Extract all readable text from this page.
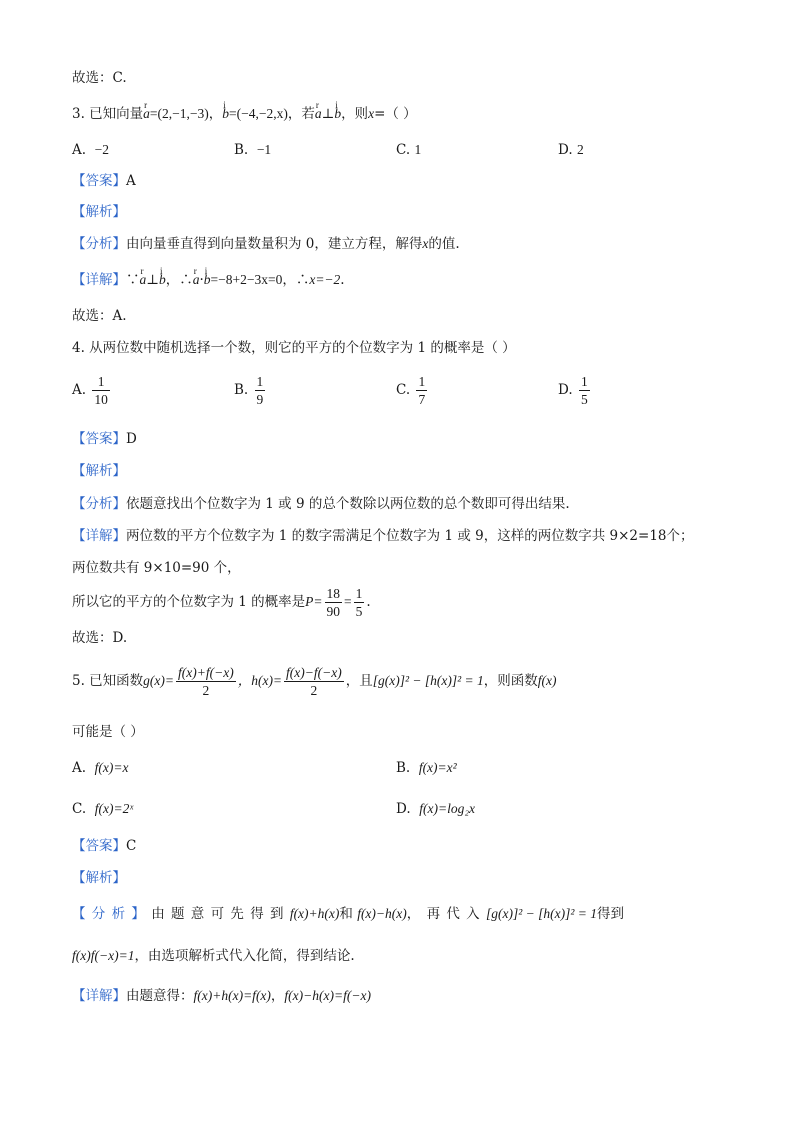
故选：C.
3. 已知向量r a=(2,−1,−3)，i b=(−4,−2,x)，若r a⊥i b，则x=（ ）
A. −2	B. −1	C. 1	D. 2
【答案】A
【解析】
【分析】由向量垂直得到向量数量积为 0，建立方程，解得x的值.
【详解】∵r a⊥i b，∴r a·i b=−8+2−3x=0，∴x=−2.
故选：A.
4. 从两位数中随机选择一个数，则它的平方的个位数字为 1 的概率是（ ）
A. $\frac{1}{10}$	B. $\frac{1}{9}$	C. $\frac{1}{7}$	D. $\frac{1}{5}$
【答案】D
【解析】
【分析】依题意找出个位数字为 1 或 9 的总个数除以两位数的总个数即可得出结果.
【详解】两位数的平方个位数字为 1 的数字需满足个位数字为 1 或 9，这样的两位数字共 9×2=18个；
两位数共有 9×10=90 个，
所以它的平方的个位数字为 1 的概率是$P= \frac{18}{90} = \frac{1}{5}$ .
故选：D.
5. 已知函数$g(x)= \frac{f(x)+f(-x)}{2}$ ，$h(x)= \frac{f(x)-f(-x)}{2}$ ，且[g(x)]² − [h(x)]² = 1，则函数f(x)
可能是（ ）
A. f(x)=x	B. f(x)=x²
C. f(x)=2ˣ	D. f(x)=log₂x
【答案】C
【解析】
【分析】由题意可先得到f(x)+h(x)和 f(x)−h(x)，再代入[g(x)]² − [h(x)]² = 1得到
f(x)f(−x)=1，由选项解析式代入化简，得到结论.
【详解】由题意得：f(x)+h(x)=f(x)，f(x)−h(x)=f(−x)
